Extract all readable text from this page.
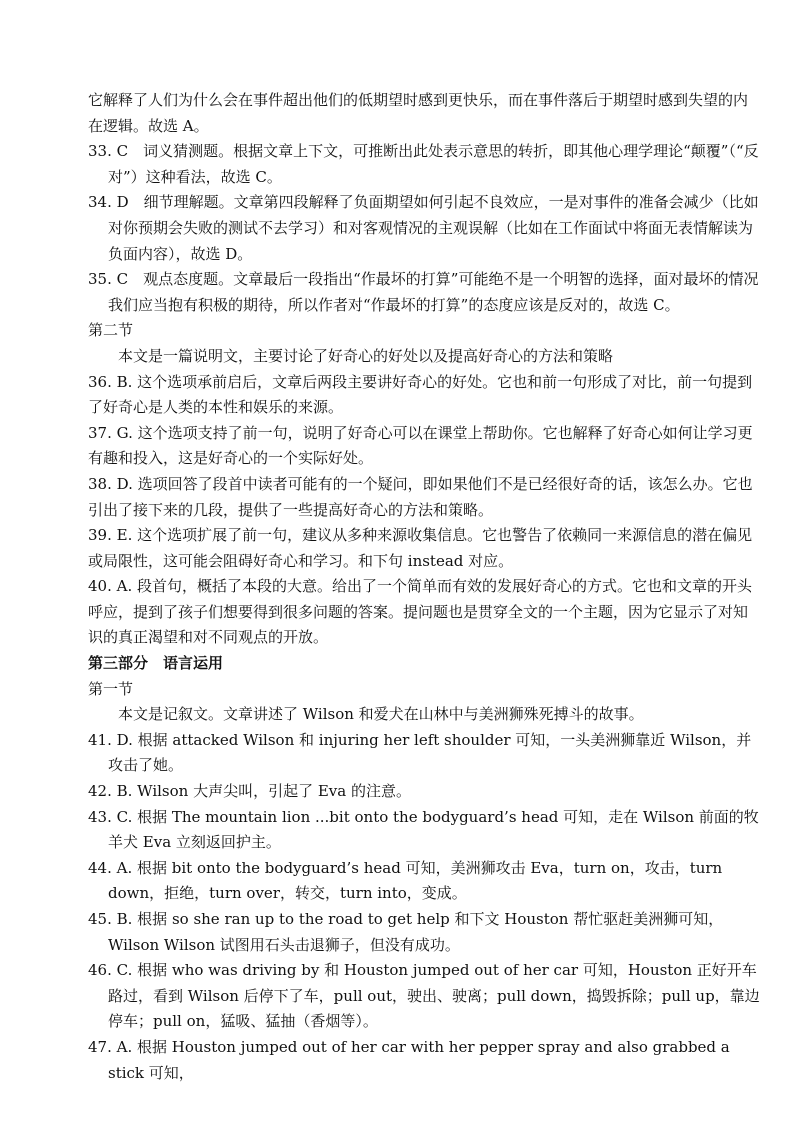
它解释了人们为什么会在事件超出他们的低期望时感到更快乐，而在事件落后于期望时感到失望的内在逻辑。故选 A。

33. C　词义猜测题。根据文章上下文，可推断出此处表示意思的转折，即其他心理学理论“颠覆”（“反对”）这种看法，故选 C。

34. D　细节理解题。文章第四段解释了负面期望如何引起不良效应，一是对事件的准备会减少（比如对你预期会失败的测试不去学习）和对客观情况的主观误解（比如在工作面试中将面无表情解读为负面内容），故选 D。

35. C　观点态度题。文章最后一段指出“作最坏的打算”可能绝不是一个明智的选择，面对最坏的情况我们应当抱有积极的期待，所以作者对“作最坏的打算”的态度应该是反对的，故选 C。

第二节

本文是一篇说明文，主要讨论了好奇心的好处以及提高好奇心的方法和策略

36. B. 这个选项承前启后，文章后两段主要讲好奇心的好处。它也和前一句形成了对比，前一句提到了好奇心是人类的本性和娱乐的来源。

37. G. 这个选项支持了前一句，说明了好奇心可以在课堂上帮助你。它也解释了好奇心如何让学习更有趣和投入，这是好奇心的一个实际好处。

38. D. 选项回答了段首中读者可能有的一个疑问，即如果他们不是已经很好奇的话，该怎么办。它也引出了接下来的几段，提供了一些提高好奇心的方法和策略。

39. E. 这个选项扩展了前一句，建议从多种来源收集信息。它也警告了依赖同一来源信息的潜在偏见或局限性，这可能会阻碍好奇心和学习。和下句 instead 对应。

40. A. 段首句，概括了本段的大意。给出了一个简单而有效的发展好奇心的方式。它也和文章的开头呼应，提到了孩子们想要得到很多问题的答案。提问题也是贯穿全文的一个主题，因为它显示了对知识的真正渴望和对不同观点的开放。

第三部分　语言运用

第一节

本文是记叙文。文章讲述了 Wilson 和爱犬在山林中与美洲狮殊死搏斗的故事。

41. D. 根据 attacked Wilson 和 injuring her left shoulder 可知，一头美洲狮靠近 Wilson，并攻击了她。

42. B. Wilson 大声尖叫，引起了 Eva 的注意。

43. C. 根据 The mountain lion ...bit onto the bodyguard’s head 可知，走在 Wilson 前面的牧羊犬 Eva 立刻返回护主。

44. A. 根据 bit onto the bodyguard’s head 可知，美洲狮攻击 Eva，turn on，攻击，turn down，拒绝，turn over，转交，turn into，变成。

45. B. 根据 so she ran up to the road to get help 和下文 Houston 帮忙驱赶美洲狮可知，Wilson Wilson 试图用石头击退狮子，但没有成功。

46. C. 根据 who was driving by 和 Houston jumped out of her car 可知，Houston 正好开车路过，看到 Wilson 后停下了车，pull out，驶出、驶离；pull down，捣毁拆除；pull up，靠边停车；pull on，猛吸、猛抽（香烟等）。

47. A. 根据 Houston jumped out of her car with her pepper spray and also grabbed a stick 可知，
